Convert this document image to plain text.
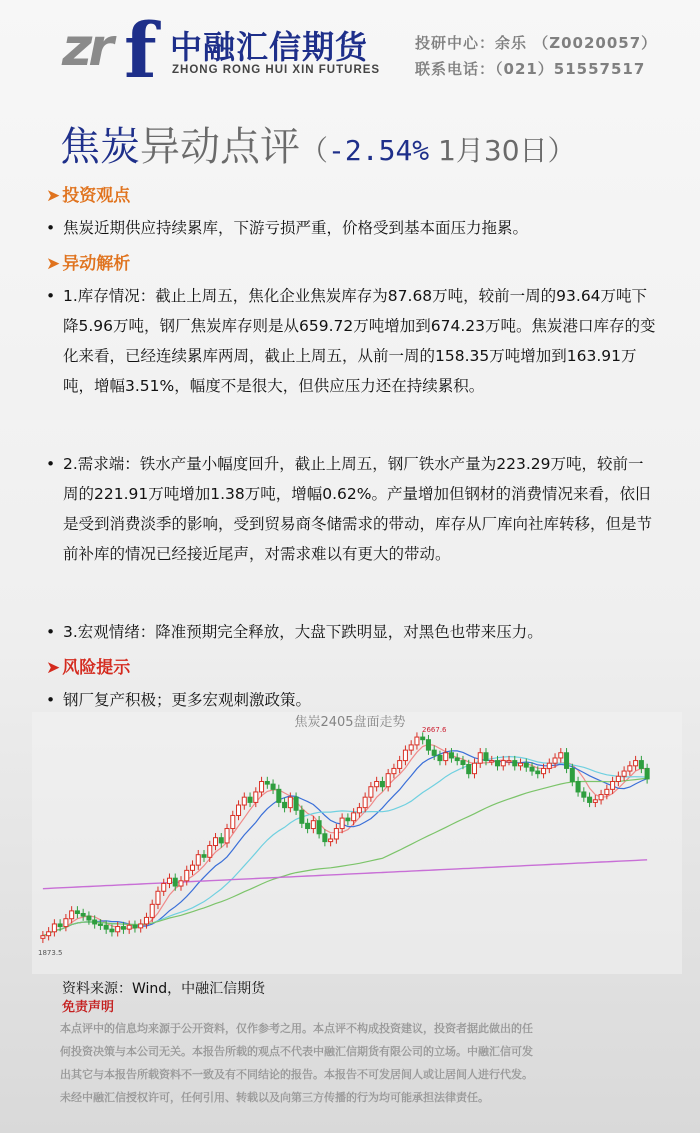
zr f 中融汇信期货
ZHONG RONG HUI XIN FUTURES
投研中心：余乐 （Z0020057）
联系电话：（021）51557517
焦炭异动点评（-2.54% 1月30日）
➤ 投资观点
• 焦炭近期供应持续累库，下游亏损严重，价格受到基本面压力拖累。
➤ 异动解析
• 1.库存情况：截止上周五，焦化企业焦炭库存为87.68万吨，较前一周的93.64万吨下降5.96万吨，钢厂焦炭库存则是从659.72万吨增加到674.23万吨。焦炭港口库存的变化来看，已经连续累库两周，截止上周五，从前一周的158.35万吨增加到163.91万吨，增幅3.51%，幅度不是很大，但供应压力还在持续累积。
• 2.需求端：铁水产量小幅度回升，截止上周五，钢厂铁水产量为223.29万吨，较前一周的221.91万吨增加1.38万吨，增幅0.62%。产量增加但钢材的消费情况来看，依旧是受到消费淡季的影响，受到贸易商冬储需求的带动，库存从厂库向社库转移，但是节前补库的情况已经接近尾声，对需求难以有更大的带动。
• 3.宏观情绪：降准预期完全释放，大盘下跌明显，对黑色也带来压力。
➤ 风险提示
• 钢厂复产积极；更多宏观刺激政策。
2667.6
1873.5
资料来源：Wind，中融汇信期货
免责声明
本点评中的信息均来源于公开资料，仅作参考之用。本点评不构成投资建议，投资者据此做出的任
何投资决策与本公司无关。本报告所载的观点不代表中融汇信期货有限公司的立场。中融汇信可发
出其它与本报告所载资料不一致及有不同结论的报告。本报告不可发居间人或让居间人进行代发。
未经中融汇信授权许可，任何引用、转载以及向第三方传播的行为均可能承担法律责任。
